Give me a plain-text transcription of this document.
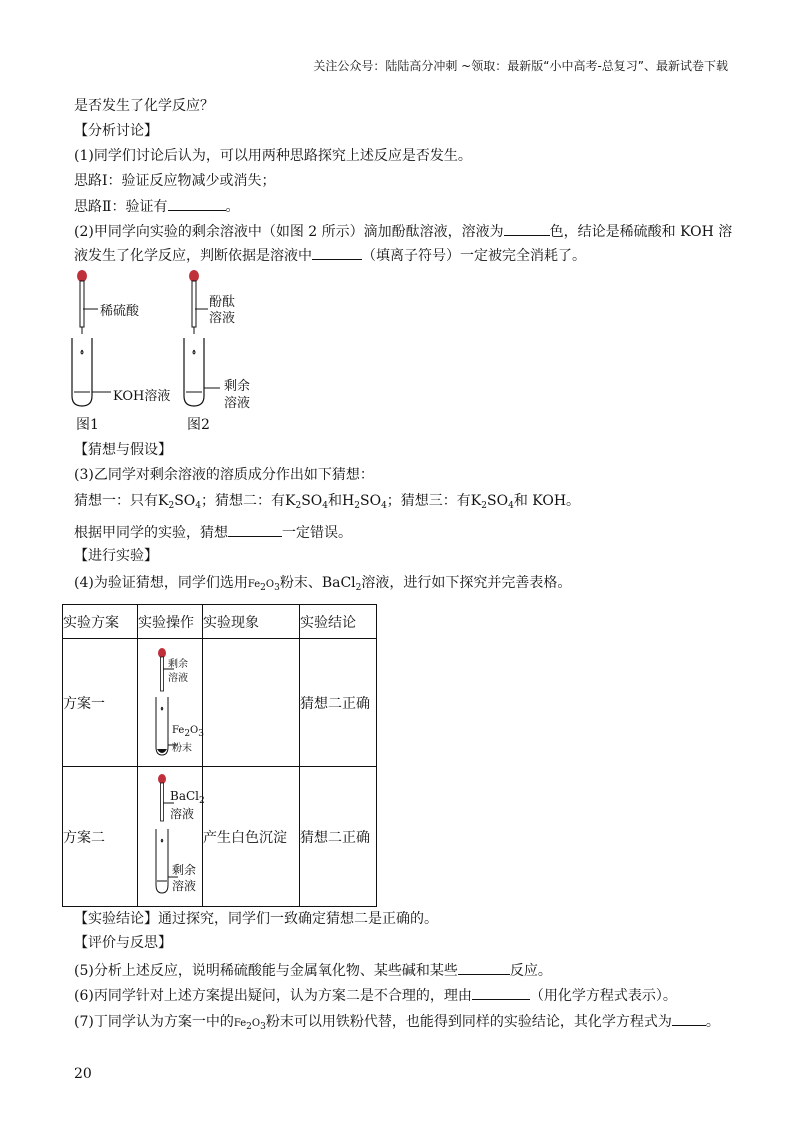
关注公众号：陆陆高分冲刺 ~领取：最新版“小中高考-总复习”、最新试卷下载
是否发生了化学反应？
【分析讨论】
(1)同学们讨论后认为，可以用两种思路探究上述反应是否发生。
思路Ⅰ：验证反应物减少或消失；
思路Ⅱ：验证有	。
(2)甲同学向实验的剩余溶液中（如图 2 所示）滴加酚酞溶液，溶液为	色，结论是稀硫酸和 KOH 溶
液发生了化学反应，判断依据是溶液中	（填离子符号）一定被完全消耗了。
稀硫酸
KOH溶液
图1
酚酞
溶液
剩余
溶液
图2
【猜想与假设】
(3)乙同学对剩余溶液的溶质成分作出如下猜想：
猜想一：只有$K_2SO_4$；猜想二：有$K_2SO_4$和$H_2SO_4$；猜想三：有$K_2SO_4$和 KOH。
根据甲同学的实验，猜想	一定错误。
【进行实验】
(4)为验证猜想，同学们选用$Fe_2O_3$粉末、BaCl$_2$溶液，进行如下探究并完善表格。
实验方案	实验操作	实验现象	实验结论
方案一	剩余
溶液
$Fe_2O_3$
粉末		猜想二正确
方案二	BaCl$_2$
溶液
剩余
溶液	产生白色沉淀	猜想二正确
【实验结论】通过探究，同学们一致确定猜想二是正确的。
【评价与反思】
(5)分析上述反应，说明稀硫酸能与金属氧化物、某些碱和某些	反应。
(6)丙同学针对上述方案提出疑问，认为方案二是不合理的，理由	（用化学方程式表示）。
(7)丁同学认为方案一中的$Fe_2O_3$粉末可以用铁粉代替，也能得到同样的实验结论，其化学方程式为 。
20
